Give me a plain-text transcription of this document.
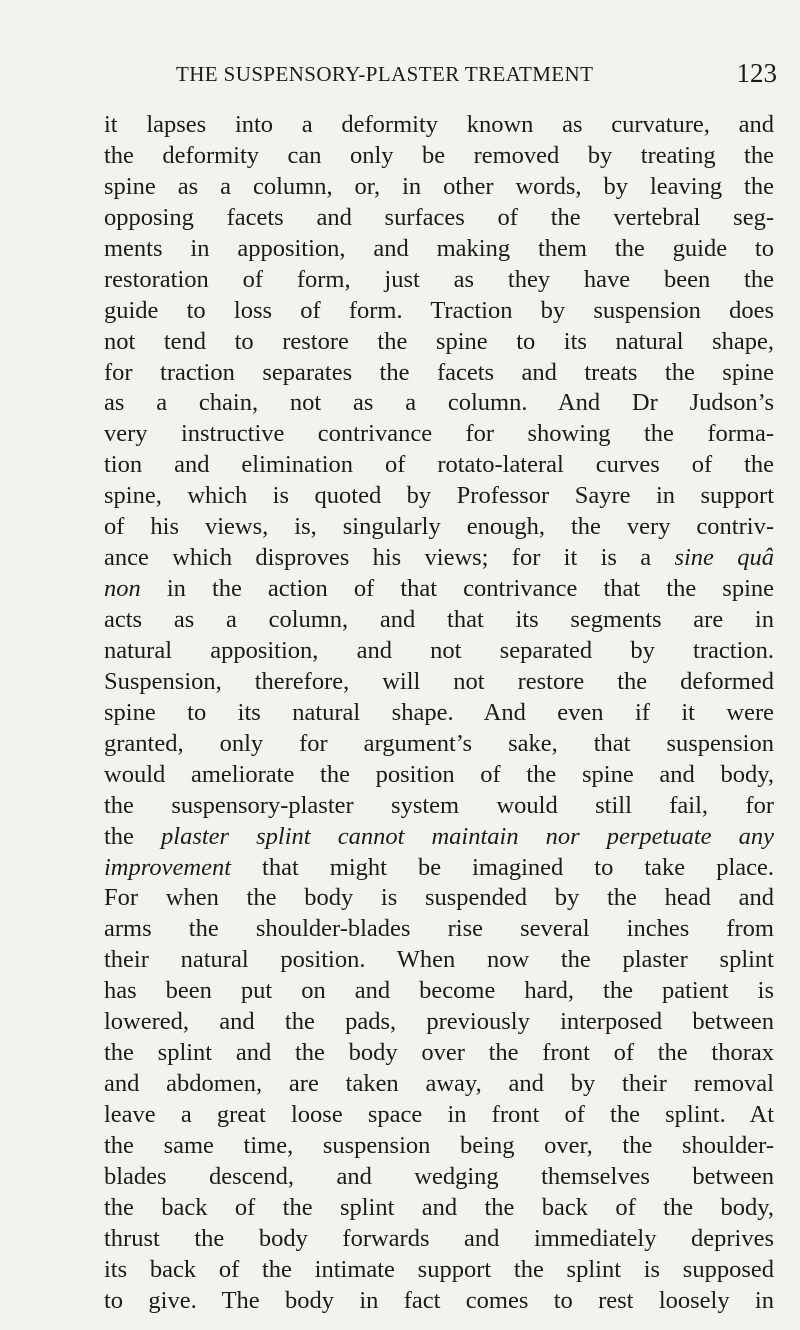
THE SUSPENSORY-PLASTER TREATMENT	123
it lapses into a deformity known as curvature, and
the deformity can only be removed by treating the
spine as a column, or, in other words, by leaving the
opposing facets and surfaces of the vertebral seg-
ments in apposition, and making them the guide to
restoration of form, just as they have been the
guide to loss of form. Traction by suspension does
not tend to restore the spine to its natural shape,
for traction separates the facets and treats the spine
as a chain, not as a column. And Dr Judson’s
very instructive contrivance for showing the forma-
tion and elimination of rotato-lateral curves of the
spine, which is quoted by Professor Sayre in support
of his views, is, singularly enough, the very contriv-
ance which disproves his views; for it is a sine quâ
non in the action of that contrivance that the spine
acts as a column, and that its segments are in
natural apposition, and not separated by traction.
Suspension, therefore, will not restore the deformed
spine to its natural shape. And even if it were
granted, only for argument’s sake, that suspension
would ameliorate the position of the spine and body,
the suspensory-plaster system would still fail, for
the plaster splint cannot maintain nor perpetuate any
improvement that might be imagined to take place.
For when the body is suspended by the head and
arms the shoulder-blades rise several inches from
their natural position. When now the plaster splint
has been put on and become hard, the patient is
lowered, and the pads, previously interposed between
the splint and the body over the front of the thorax
and abdomen, are taken away, and by their removal
leave a great loose space in front of the splint. At
the same time, suspension being over, the shoulder-
blades descend, and wedging themselves between
the back of the splint and the back of the body,
thrust the body forwards and immediately deprives
its back of the intimate support the splint is supposed
to give. The body in fact comes to rest loosely in
